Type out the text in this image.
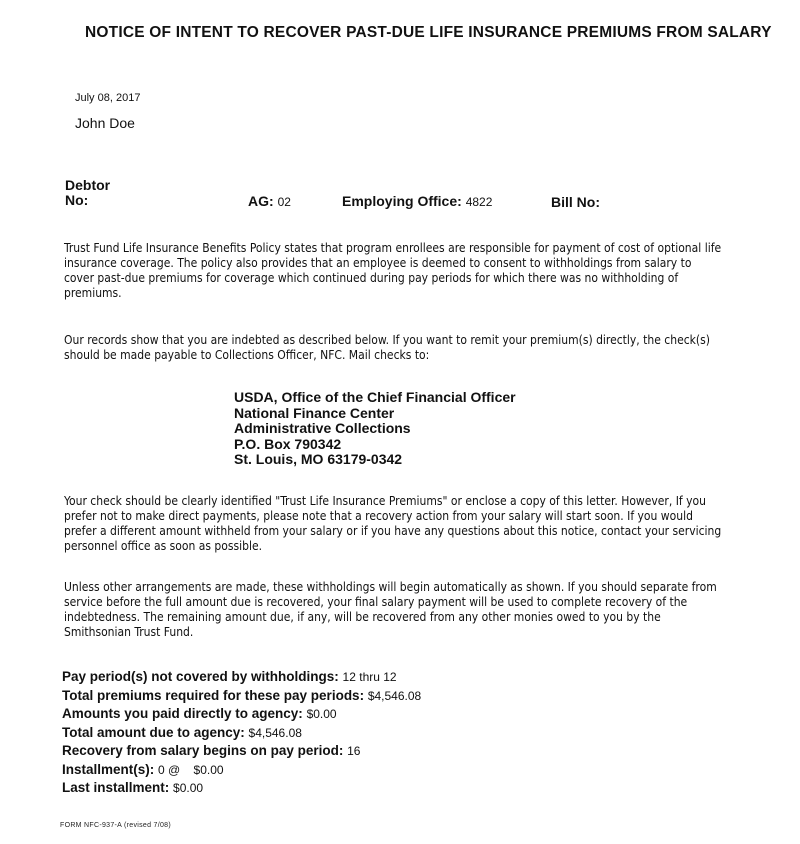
NOTICE OF INTENT TO RECOVER PAST-DUE LIFE INSURANCE PREMIUMS FROM SALARY
July 08, 2017
John Doe
Debtor
No:	AG: 02	Employing Office: 4822	Bill No:
Trust Fund Life Insurance Benefits Policy states that program enrollees are responsible for payment of cost of optional life insurance coverage. The policy also provides that an employee is deemed to consent to withholdings from salary to cover past-due premiums for coverage which continued during pay periods for which there was no withholding of premiums.
Our records show that you are indebted as described below. If you want to remit your premium(s) directly, the check(s) should be made payable to Collections Officer, NFC. Mail checks to:
USDA, Office of the Chief Financial Officer
National Finance Center
Administrative Collections
P.O. Box 790342
St. Louis, MO 63179-0342
Your check should be clearly identified "Trust Life Insurance Premiums" or enclose a copy of this letter. However, If you prefer not to make direct payments, please note that a recovery action from your salary will start soon. If you would prefer a different amount withheld from your salary or if you have any questions about this notice, contact your servicing personnel office as soon as possible.
Unless other arrangements are made, these withholdings will begin automatically as shown. If you should separate from service before the full amount due is recovered, your final salary payment will be used to complete recovery of the indebtedness. The remaining amount due, if any, will be recovered from any other monies owed to you by the Smithsonian Trust Fund.
Pay period(s) not covered by withholdings: 12 thru 12
Total premiums required for these pay periods: $4,546.08
Amounts you paid directly to agency: $0.00
Total amount due to agency: $4,546.08
Recovery from salary begins on pay period: 16
Installment(s): 0 @    $0.00
Last installment: $0.00
FORM NFC-937-A (revised 7/08)
